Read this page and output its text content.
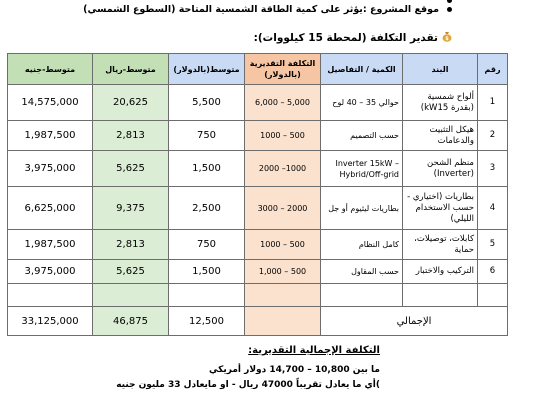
موقع المشروع :يؤثر على كمية الطاقة الشمسية المتاحة (السطوع الشمسي)
$
تقدير التكلفة (لمحطة 15 كيلووات):
رقم	البند	الكمية / التفاصيل	التكلفة التقديرية (بالدولار)	متوسط(بالدولار)	متوسط-ريال	متوسط-جنيه
1	ألواح شمسية (بقدرة kW15)	حوالي 35 – 40 لوح	6,000 – 5,000	5,500	20,625	14,575,000
2	هيكل التثبيت والدعامات	حسب التصميم	1000 – 500	750	2,813	1,987,500
3	منظم الشحن (Inverter)	Inverter 15kW – Hybrid/Off-grid	2000 –1000	1,500	5,625	3,975,000
4	بطاريات (اختياري - حسب الاستخدام الليلي)	بطاريات ليثيوم أو جل	3000 – 2000	2,500	9,375	6,625,000
5	كابلات، توصيلات، حماية	كامل النظام	1000 – 500	750	2,813	1,987,500
6	التركيب والاختبار	حسب المقاول	1,000 – 500	1,500	5,625	3,975,000

الإجمالي				12,500	46,875	33,125,000
التكلفة الإجمالية التقديرية:
ما بين 10,800 – 14,700 دولار أمريكي
)أي ما يعادل تقريباً 47000 ريال - او مايعادل 33 مليون جنيه
